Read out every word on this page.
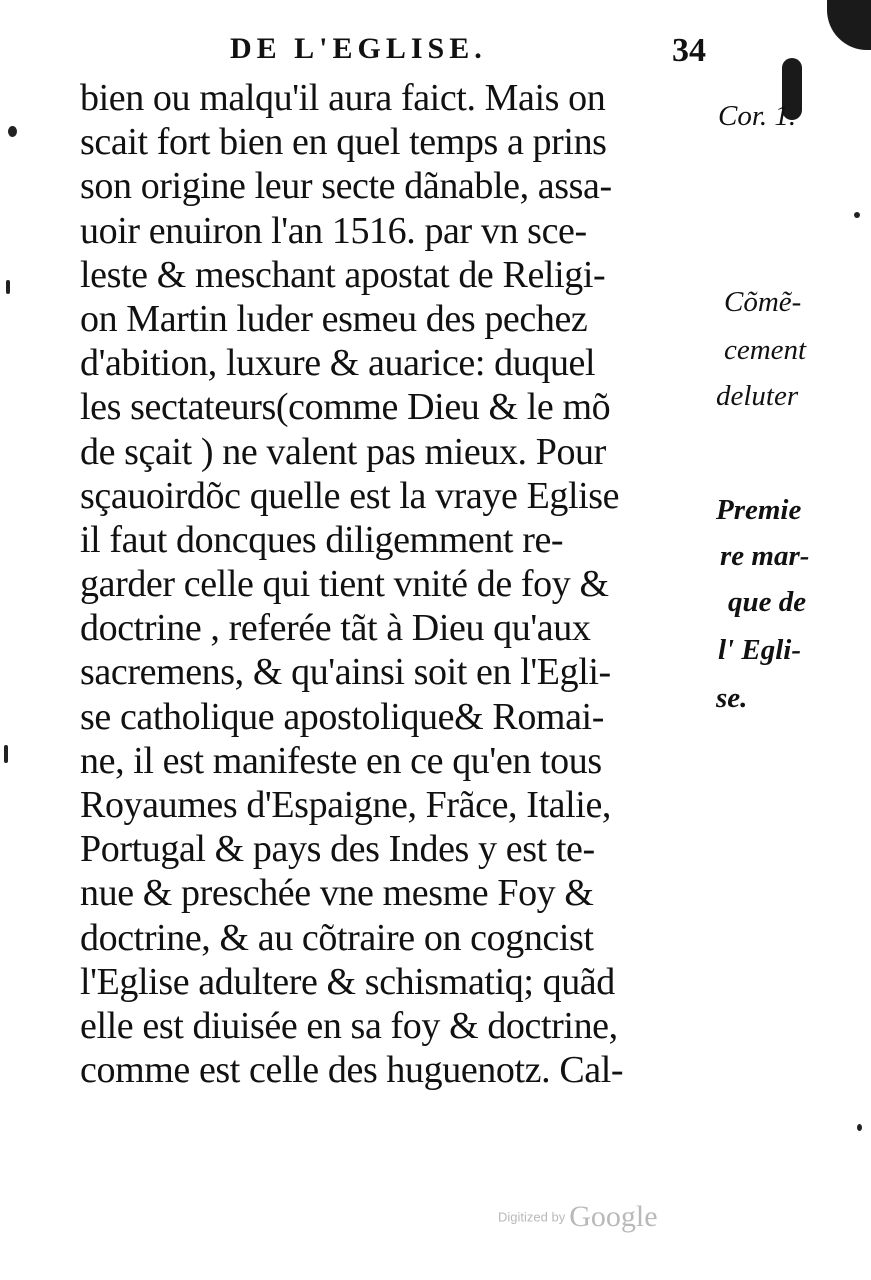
DE L'EGLISE.	34
bien ou malqu'il aura faict. Mais on
scait fort bien en quel temps a prins
son origine leur secte dãnable, assa-
uoir enuiron l'an 1516. par vn sce-
leste & meschant apostat de Religi-
on Martin luder esmeu des pechez
d'abition, luxure & auarice: duquel
les sectateurs(comme Dieu & le mõ
de sçait ) ne valent pas mieux. Pour
sçauoirdõc quelle est la vraye Eglise
il faut doncques diligemment re-
garder celle qui tient vnité de foy &
doctrine , referée tãt à Dieu qu'aux
sacremens, & qu'ainsi soit en l'Egli-
se catholique apostolique& Romai-
ne, il est manifeste en ce qu'en tous
Royaumes d'Espaigne, Frãce, Italie,
Portugal & pays des Indes y est te-
nue & preschée vne mesme Foy &
doctrine, & au cõtraire on cogncist
l'Eglise adultere & schismatiq; quãd
elle est diuisée en sa foy & doctrine,
comme est celle des huguenotz. Cal-
Cor. 1.
Cõmẽ-
cement
deluter
Premie
re mar-
que de
l' Egli-
se.
Digitized by Google
